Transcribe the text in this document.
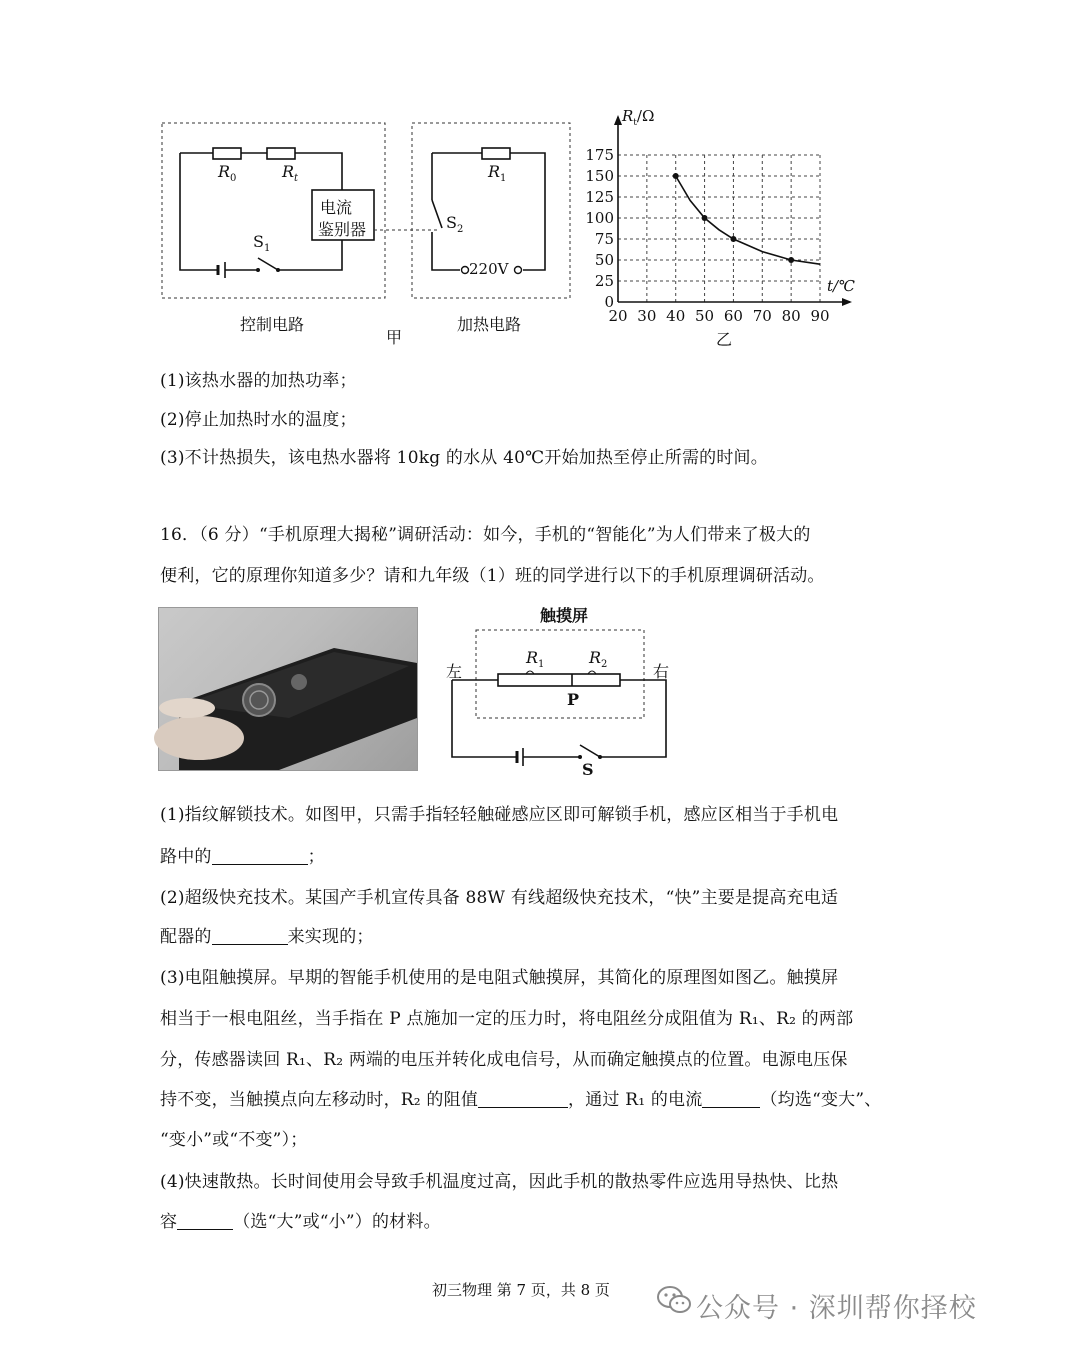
$R_0$	$R_t$
$S_1$
电流
鉴别器
$R_1$
$S_2$
220V
控制电路
甲
加热电路	20 30 40 50 60 70 80 90
0
25
50
75
100
125
150
175
$R_t/\Omega$
t/℃
乙
(1)该热水器的加热功率；
(2)停止加热时水的温度；
(3)不计热损失，该电热水器将 10kg 的水从 40℃开始加热至停止所需的时间。
16．（6 分）“手机原理大揭秘”调研活动：如今，手机的“智能化”为人们带来了极大的
便利，它的原理你知道多少？请和九年级（1）班的同学进行以下的手机原理调研活动。
触摸屏
左	右
$R_1$	$R_2$
P
S
(1)指纹解锁技术。如图甲，只需手指轻轻触碰感应区即可解锁手机，感应区相当于手机电
路中的	；
(2)超级快充技术。某国产手机宣传具备 88W 有线超级快充技术，“快”主要是提高充电适
配器的	来实现的；
(3)电阻触摸屏。早期的智能手机使用的是电阻式触摸屏，其简化的原理图如图乙。触摸屏
相当于一根电阻丝，当手指在 P 点施加一定的压力时，将电阻丝分成阻值为 R₁、R₂ 的两部
分，传感器读回 R₁、R₂ 两端的电压并转化成电信号，从而确定触摸点的位置。电源电压保
持不变，当触摸点向左移动时，R₂ 的阻值	，通过 R₁ 的电流	（均选“变大”、
“变小”或“不变”）；
(4)快速散热。长时间使用会导致手机温度过高，因此手机的散热零件应选用导热快、比热
容	（选“大”或“小”）的材料。
初三物理 第 7 页，共 8 页
公众号 · 深圳帮你择校
